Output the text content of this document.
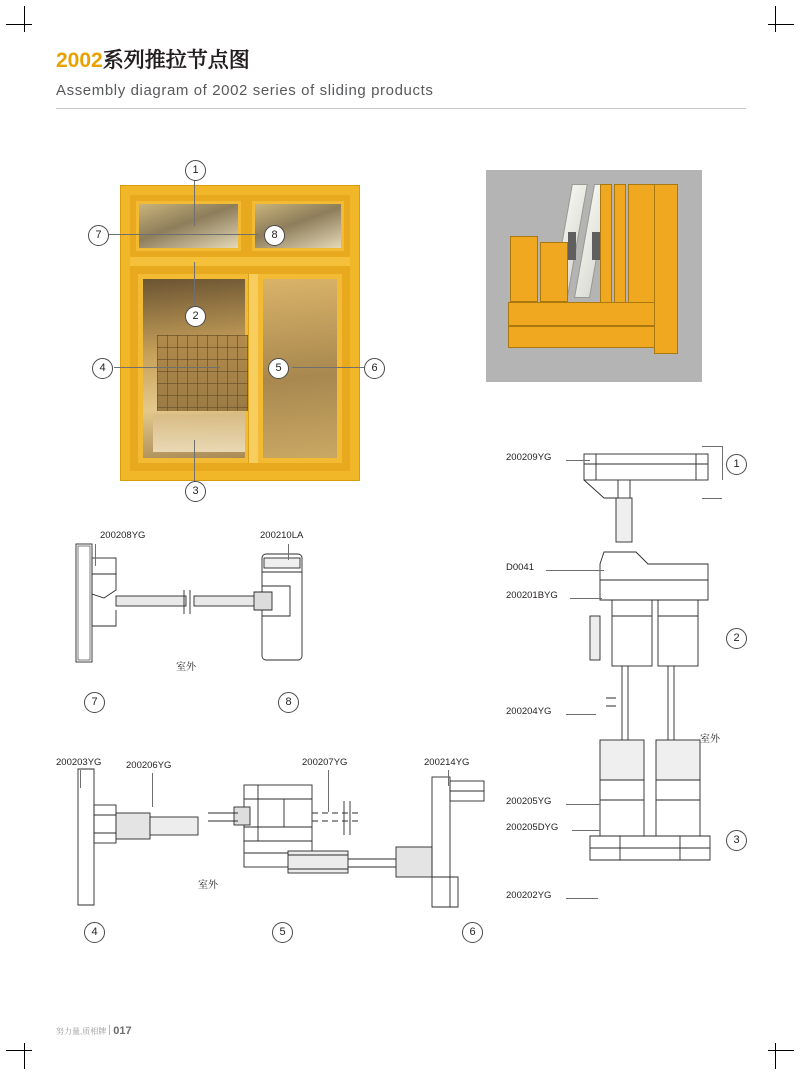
2002系列推拉节点图
Assembly diagram of 2002 series of sliding products
1
7	8
2
4	5	6
3
200208YG	200210LA
室外
7	8
200203YG	200206YG	200207YG	200214YG
室外
4	5	6
200209YG
D0041
200201BYG
200204YG
200205YG
200205DYG
200202YG
室外
1
2
3
努力量,质相牌 017
